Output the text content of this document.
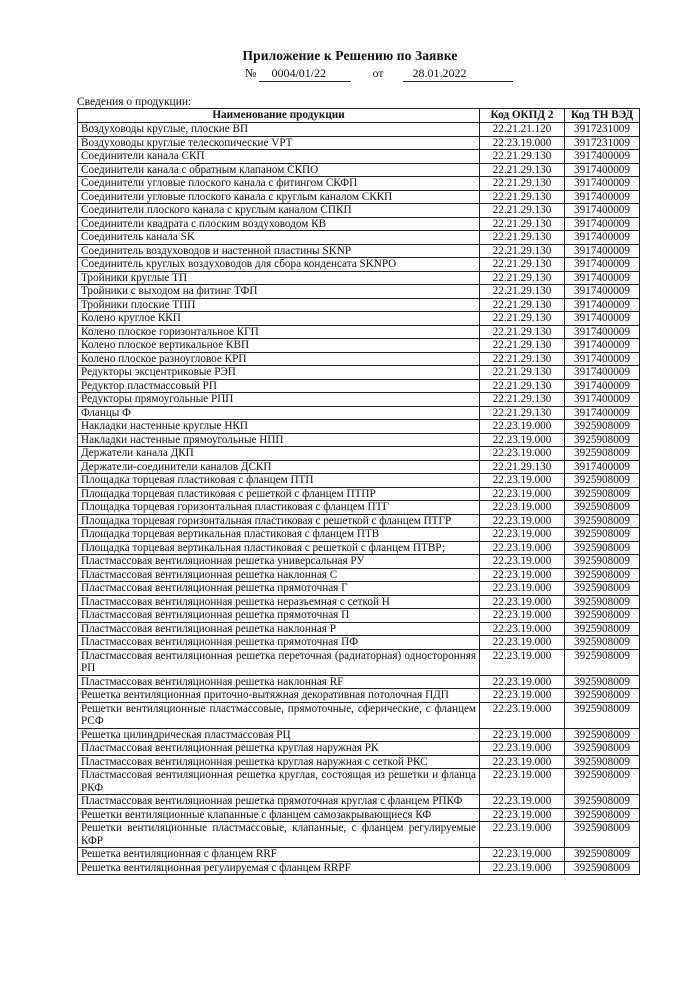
Приложение к Решению по Заявке
№ 0004/01/22	от 28.01.2022
Сведения о продукции:
Наименование продукции	Код ОКПД 2	Код ТН ВЭД
Воздуховоды круглые, плоские ВП	22.21.21.120	3917231009
Воздуховоды круглые телескопические VPT	22.23.19.000	3917231009
Соединители канала СКП	22.21.29.130	3917400009
Соединители канала с обратным клапаном СКПО	22.21.29.130	3917400009
Соединители угловые плоского канала с фитингом СКФП	22.21.29.130	3917400009
Соединители угловые плоского канала с круглым каналом СККП	22.21.29.130	3917400009
Соединители плоского канала с круглым каналом СПКП	22.21.29.130	3917400009
Соединители квадрата с плоским воздуховодом КВ	22.21.29.130	3917400009
Соединитель канала SK	22.21.29.130	3917400009
Соединитель воздуховодов и настенной пластины SKNP	22.21.29.130	3917400009
Соединитель круглых воздуховодов для сбора конденсата SKNPO	22.21.29.130	3917400009
Тройники круглые ТП	22.21.29.130	3917400009
Тройники с выходом на фитинг ТФП	22.21.29.130	3917400009
Тройники плоские ТПП	22.21.29.130	3917400009
Колено круглое ККП	22.21.29.130	3917400009
Колено плоское горизонтальное КГП	22.21.29.130	3917400009
Колено плоское вертикальное КВП	22.21.29.130	3917400009
Колено плоское разноугловое КРП	22.21.29.130	3917400009
Редукторы эксцентриковые РЭП	22.21.29.130	3917400009
Редуктор пластмассовый РП	22.21.29.130	3917400009
Редукторы прямоугольные РПП	22.21.29.130	3917400009
Фланцы Ф	22.21.29.130	3917400009
Накладки настенные круглые НКП	22.23.19.000	3925908009
Накладки настенные прямоугольные НПП	22.23.19.000	3925908009
Держатели канала ДКП	22.23.19.000	3925908009
Держатели-соединители каналов ДСКП	22.21.29.130	3917400009
Площадка торцевая пластиковая с фланцем ПТП	22.23.19.000	3925908009
Площадка торцевая пластиковая с решеткой с фланцем ПТПР	22.23.19.000	3925908009
Площадка торцевая горизонтальная пластиковая с фланцем ПТГ	22.23.19.000	3925908009
Площадка торцевая горизонтальная пластиковая с решеткой с фланцем ПТГР	22.23.19.000	3925908009
Площадка торцевая вертикальная пластиковая с фланцем ПТВ	22.23.19.000	3925908009
Площадка торцевая вертикальная пластиковая с решеткой с фланцем ПТВР;	22.23.19.000	3925908009
Пластмассовая вентиляционная решетка универсальная РУ	22.23.19.000	3925908009
Пластмассовая вентиляционная решетка наклонная С	22.23.19.000	3925908009
Пластмассовая вентиляционная решетка прямоточная Г	22.23.19.000	3925908009
Пластмассовая вентиляционная решетка неразъемная с сеткой Н	22.23.19.000	3925908009
Пластмассовая вентиляционная решетка прямоточная П	22.23.19.000	3925908009
Пластмассовая вентиляционная решетка наклонная Р	22.23.19.000	3925908009
Пластмассовая вентиляционная решетка прямоточная ПФ	22.23.19.000	3925908009
Пластмассовая вентиляционная решетка переточная (радиаторная) односторонняя РП	22.23.19.000	3925908009
Пластмассовая вентиляционная решетка наклонная RF	22.23.19.000	3925908009
Решетка вентиляционная приточно-вытяжная декоративная потолочная ПДП	22.23.19.000	3925908009
Решетки вентиляционные пластмассовые, прямоточные, сферические, с фланцем РСФ	22.23.19.000	3925908009
Решетка цилиндрическая пластмассовая РЦ	22.23.19.000	3925908009
Пластмассовая вентиляционная решетка круглая наружная РК	22.23.19.000	3925908009
Пластмассовая вентиляционная решетка круглая наружная с сеткой РКС	22.23.19.000	3925908009
Пластмассовая вентиляционная решетка круглая, состоящая из решетки и фланца РКФ	22.23.19.000	3925908009
Пластмассовая вентиляционная решетка прямоточная круглая с фланцем РПКФ	22.23.19.000	3925908009
Решетки вентиляционные клапанные с фланцем самозакрывающиеся КФ	22.23.19.000	3925908009
Решетки вентиляционные пластмассовые, клапанные, с фланцем регулируемые КФР	22.23.19.000	3925908009
Решетка вентиляционная с фланцем RRF	22.23.19.000	3925908009
Решетка вентиляционная регулируемая с фланцем RRPF	22.23.19.000	3925908009
